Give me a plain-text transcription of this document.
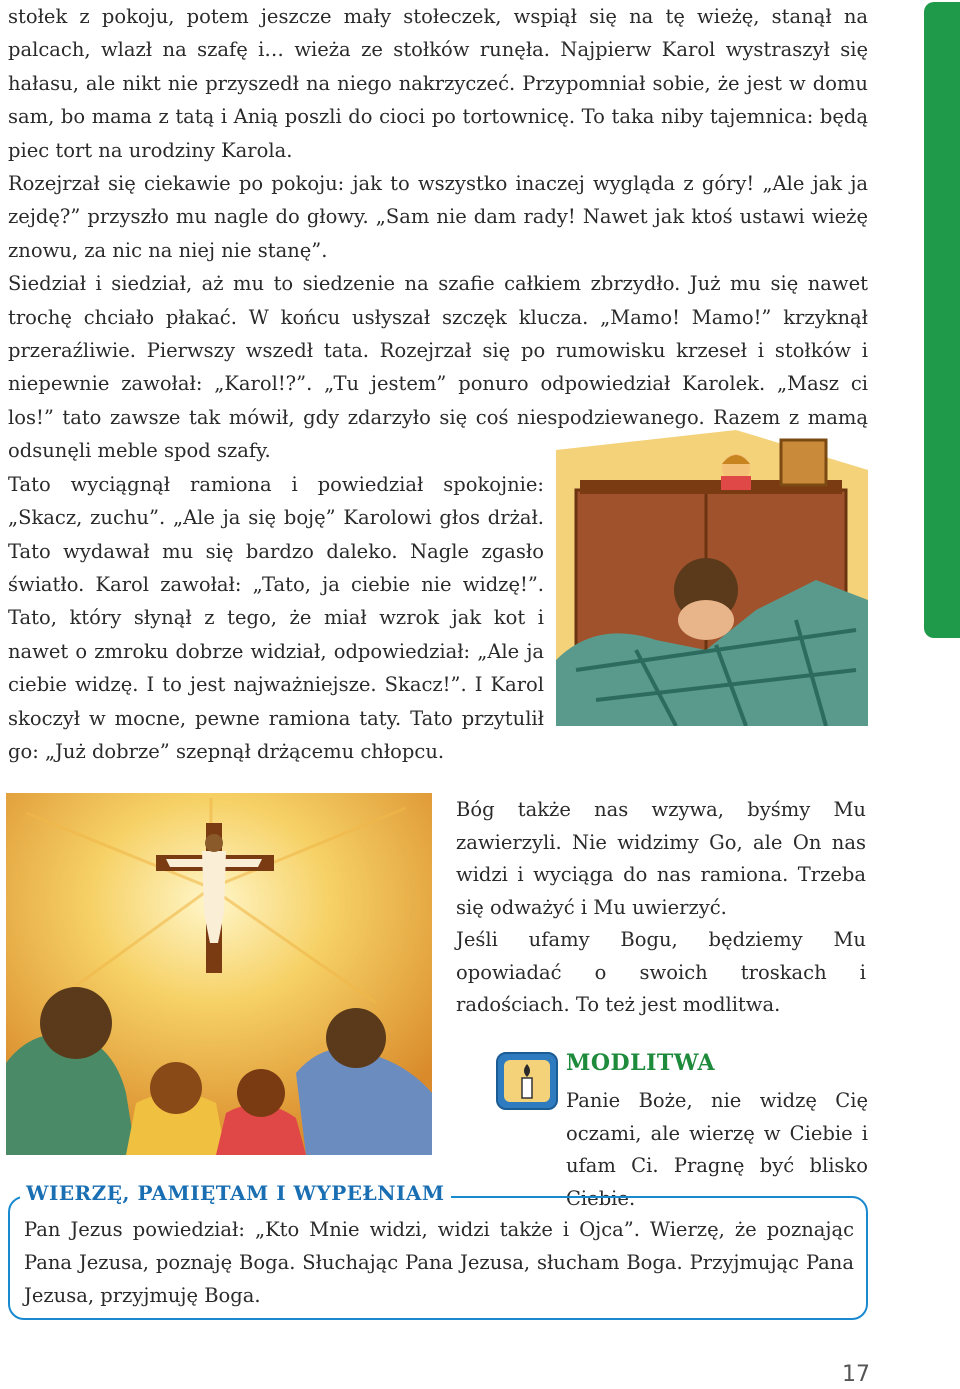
stołek z pokoju, potem jeszcze mały stołeczek, wspiął się na tę wieżę, stanął na palcach, wlazł na szafę i… wieża ze stołków runęła. Najpierw Karol wystraszył się hałasu, ale nikt nie przyszedł na niego nakrzyczeć. Przypomniał sobie, że jest w domu sam, bo mama z tatą i Anią poszli do cioci po tortownicę. To taka niby tajemnica: będą piec tort na urodziny Karola.

Rozejrzał się ciekawie po pokoju: jak to wszystko inaczej wygląda z góry! „Ale jak ja zejdę?” przyszło mu nagle do głowy. „Sam nie dam rady! Nawet jak ktoś ustawi wieżę znowu, za nic na niej nie stanę”.

Siedział i siedział, aż mu to siedzenie na szafie całkiem zbrzydło. Już mu się nawet trochę chciało płakać. W końcu usłyszał szczęk klucza. „Mamo! Mamo!” krzyknął przeraźliwie. Pierwszy wszedł tata. Rozejrzał się po rumowisku krzeseł i stołków i niepewnie zawołał: „Karol!?”. „Tu jestem” ponuro odpowiedział Karolek. „Masz ci los!” tato zawsze tak mówił, gdy zdarzyło się coś niespodziewanego. Razem z mamą odsunęli meble spod szafy.

Tato wyciągnął ramiona i powiedział spokojnie: „Skacz, zuchu”. „Ale ja się boję” Karolowi głos drżał. Tato wydawał mu się bardzo daleko. Nagle zgasło światło. Karol zawołał: „Tato, ja ciebie nie widzę!”. Tato, który słynął z tego, że miał wzrok jak kot i nawet o zmroku dobrze widział, odpowiedział: „Ale ja ciebie widzę. I to jest najważniejsze. Skacz!”. I Karol skoczył w mocne, pewne ramiona taty. Tato przytulił go: „Już dobrze” szepnął drżącemu chłopcu.

Bóg także nas wzywa, byśmy Mu zawierzyli. Nie widzimy Go, ale On nas widzi i wyciąga do nas ramiona. Trzeba się odważyć i Mu uwierzyć.

Jeśli ufamy Bogu, będziemy Mu opowiadać o swoich troskach i radościach. To też jest modlitwa.

MODLITWA

Panie Boże, nie widzę Cię oczami, ale wierzę w Ciebie i ufam Ci. Pragnę być blisko Ciebie.

WIERZĘ, PAMIĘTAM I WYPEŁNIAM
Pan Jezus powiedział: „Kto Mnie widzi, widzi także i Ojca”. Wierzę, że poznając Pana Jezusa, poznaję Boga. Słuchając Pana Jezusa, słucham Boga. Przyjmując Pana Jezusa, przyjmuję Boga.
17
